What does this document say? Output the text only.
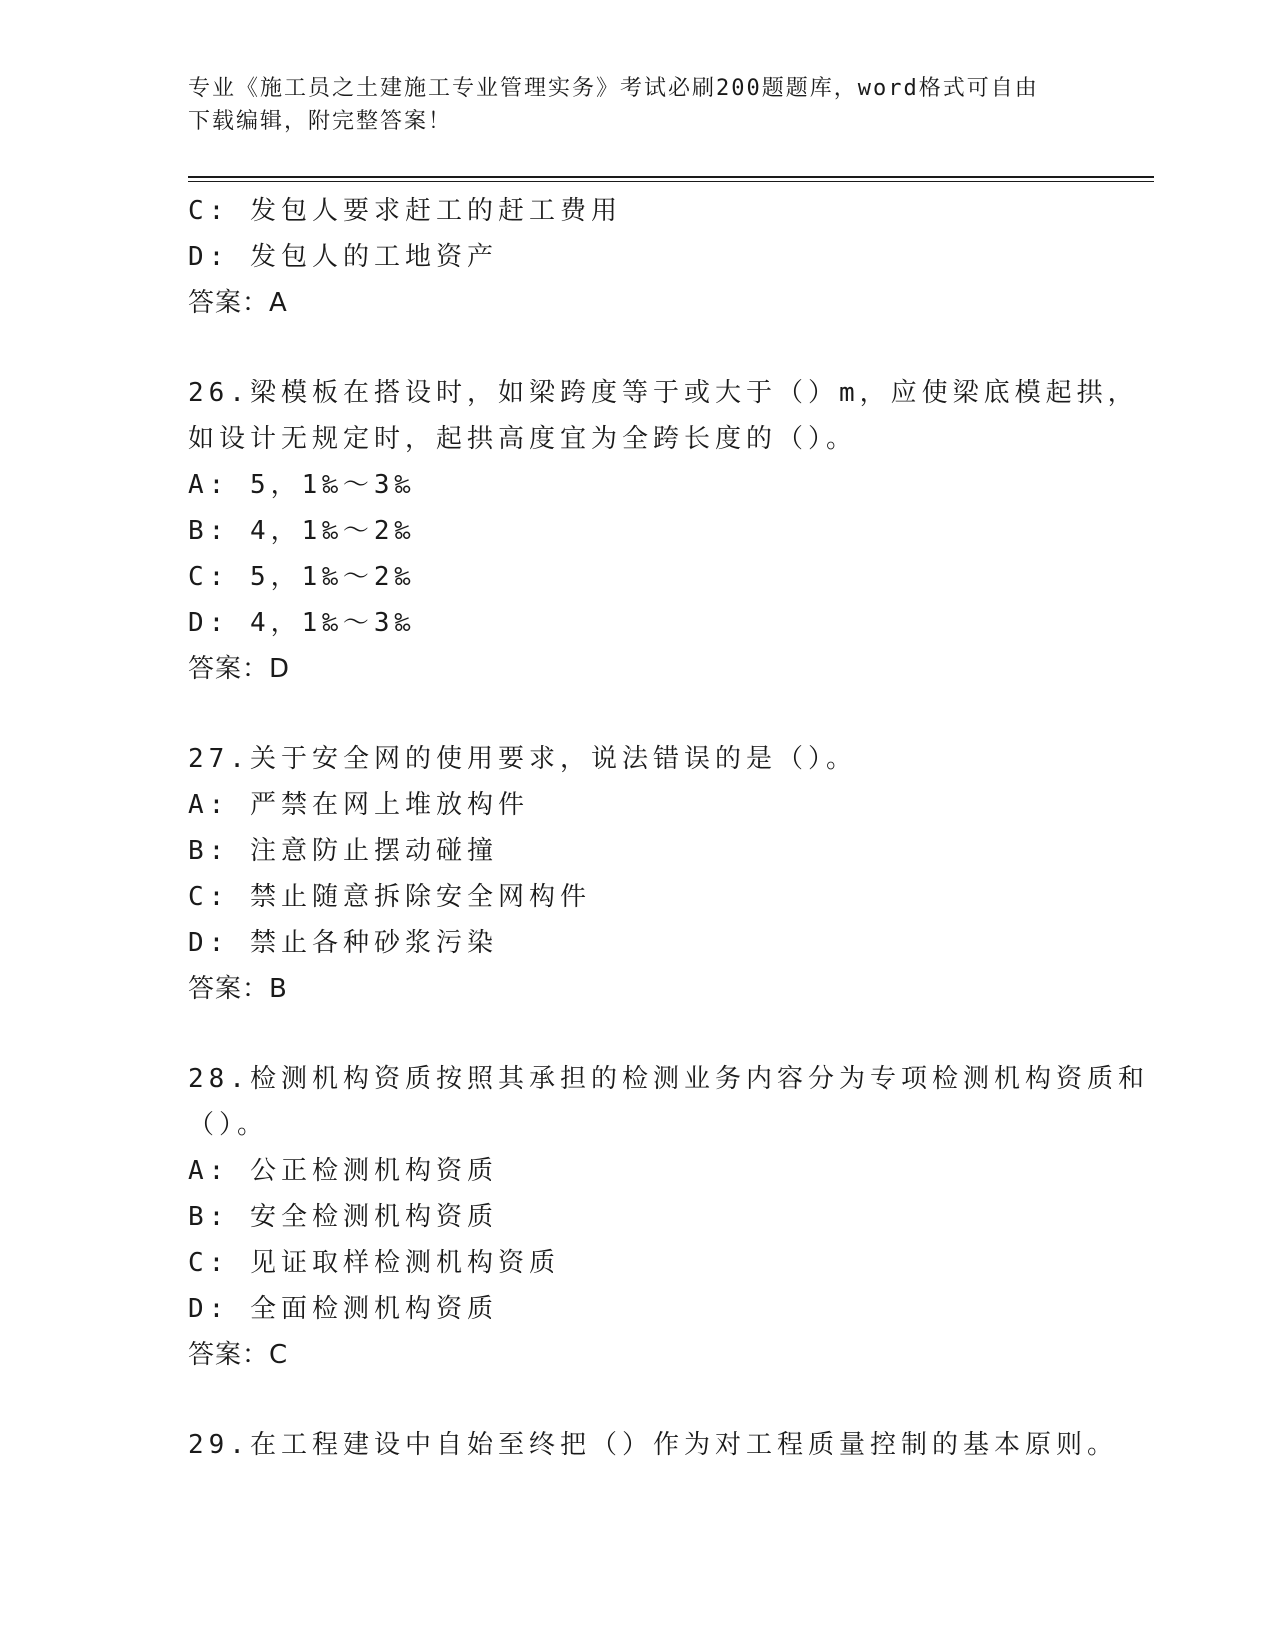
专业《施工员之土建施工专业管理实务》考试必刷200题题库，word格式可自由
下载编辑，附完整答案！
C: 发包人要求赶工的赶工费用
D: 发包人的工地资产
答案：A
26.梁模板在搭设时，如梁跨度等于或大于（）m，应使梁底模起拱，
如设计无规定时，起拱高度宜为全跨长度的（）。
A: 5，1‰～3‰
B: 4，1‰～2‰
C: 5，1‰～2‰
D: 4，1‰～3‰
答案：D
27.关于安全网的使用要求，说法错误的是（）。
A: 严禁在网上堆放构件
B: 注意防止摆动碰撞
C: 禁止随意拆除安全网构件
D: 禁止各种砂浆污染
答案：B
28.检测机构资质按照其承担的检测业务内容分为专项检测机构资质和
（）。
A: 公正检测机构资质
B: 安全检测机构资质
C: 见证取样检测机构资质
D: 全面检测机构资质
答案：C
29.在工程建设中自始至终把（）作为对工程质量控制的基本原则。
